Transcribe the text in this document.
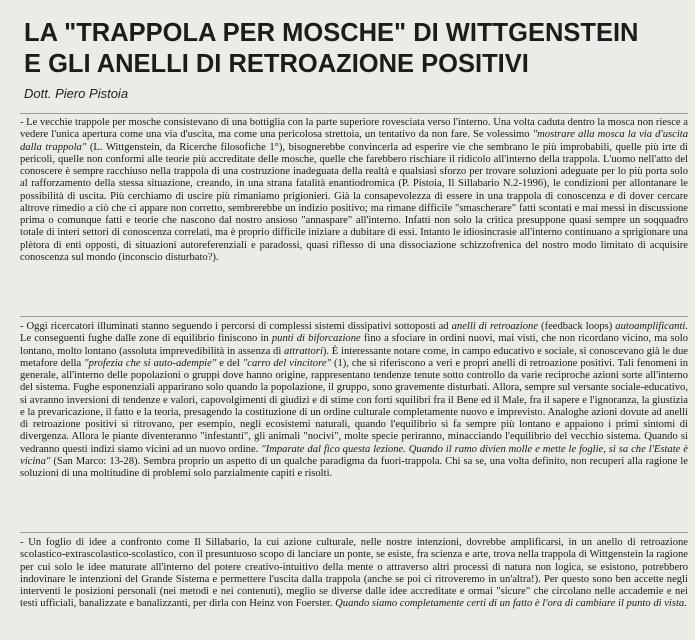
LA "TRAPPOLA PER MOSCHE" DI WITTGENSTEIN
E GLI ANELLI DI RETROAZIONE POSITIVI
Dott. Piero Pistoia

- Le vecchie trappole per mosche consistevano di una bottiglia con la parte superiore rovesciata verso l'interno. Una volta caduta dentro la mosca non riesce a vedere l'unica apertura come una via d'uscita, ma come una pericolosa strettoia, un tentativo da non fare. Se volessimo "mostrare alla mosca la via d'uscita dalla trappola" (L. Wittgenstein, da Ricerche filosofiche 1°), bisognerebbe convincerla ad esperire vie che sembrano le più improbabili, quelle più irte di pericoli, quelle non conformi alle teorie più accreditate delle mosche, quelle che farebbero rischiare il ridicolo all'interno della trappola. L'uomo nell'atto del conoscere è sempre racchiuso nella trappola di una costruzione inadeguata della realtà e qualsiasi sforzo per trovare soluzioni adeguate per lo più porta solo al rafforzamento della stessa situazione, creando, in una strana fatalità enantiodromica (P. Pistoia, Il Sillabario N.2-1996), le condizioni per allontanare le possibilità di uscita. Più cerchiamo di uscire più rimaniamo prigionieri. Già la consapevolezza di essere in una trappola di conoscenza e di dover cercare altrove rimedio a ciò che ci appare non corretto, sembrerebbe un indizio positivo; ma rimane difficile "smascherare" fatti scontati e mai messi in discussione prima o comunque fatti e teorie che nascono dal nostro ansioso "annaspare" all'interno. Infatti non solo la critica presuppone quasi sempre un soqquadro totale di interi settori di conoscenza correlati, ma è proprio difficile iniziare a dubitare di essi. Intanto le idiosincrasie all'interno continuano a sprigionare una plètora di enti opposti, di situazioni autoreferenziali e paradossi, quasi riflesso di una dissociazione schizzofrenica del nostro modo limitato di acquisire conoscenza sul mondo (inconscio disturbato?).

- Oggi ricercatori illuminati stanno seguendo i percorsi di complessi sistemi dissipativi sottoposti ad anelli di retroazione (feedback loops) autoamplificanti. Le conseguenti fughe dalle zone di equilibrio finiscono in punti di biforcazione fino a sfociare in ordini nuovi, mai visti, che non ricordano vicino, ma solo lontano, molto lontano (assoluta imprevedibilità in assenza di attrattori). È interessante notare come, in campo educativo e sociale, si conoscevano già le due metafore della "profezia che si auto-adempie" e del "carro del vincitore" (1), che si riferiscono a veri e propri anelli di retroazione positivi. Tali fenomeni in generale, all'interno delle popolazioni o gruppi dove hanno origine, rappresentano tendenze tenute sotto controllo da varie reciproche azioni sorte all'interno del sistema. Fughe esponenziali apparirano solo quando la popolazione, il gruppo, sono gravemente disturbati. Allora, sempre sul versante sociale-educativo, si avranno inversioni di tendenze e valori, capovolgimenti di giudizi e di stime con forti squilibri fra il Bene ed il Male, fra il sapere e l'ignoranza, la giustizia e la prevaricazione, il fatto e la teoria, presagendo la costituzione di un ordine culturale completamente nuovo e imprevisto. Analoghe azioni dovute ad anelli di retroazione positivi si ritrovano, per esempio, negli ecosistemi naturali, quando l'equilibrio si fa sempre più lontano e appaiono i primi sintomi di divergenza. Allora le piante diventeranno "infestanti", gli animali "nocivi", molte specie periranno, minacciando l'equilibrio del vecchio sistema. Quando si vedranno questi indizi siamo vicini ad un nuovo ordine. "Imparate dal fico questa lezione. Quando il ramo divien molle e mette le foglie, si sa che l'Estate è vicina" (San Marco: 13-28). Sembra proprio un aspetto di un qualche paradigma da fuori-trappola. Chi sa se, una volta definito, non recuperi alla ragione le soluzioni di una moltitudine di problemi solo parzialmente capiti e risolti.

- Un foglio di idee a confronto come Il Sillabario, la cui azione culturale, nelle nostre intenzioni, dovrebbe amplificarsi, in un anello di retroazione scolastico-extrascolastico-scolastico, con il presuntuoso scopo di lanciare un ponte, se esiste, fra scienza e arte, trova nella trappola di Wittgenstein la ragione per cui solo le idee maturate all'interno del potere creativo-intuitivo della mente o attraverso altri processi di natura non logica, se esistono, potrebbero indovinare le intenzioni del Grande Sistema e permettere l'uscita dalla trappola (anche se poi ci ritroveremo in un'altra!). Per questo sono ben accette negli interventi le posizioni personali (nei metodi e nei contenuti), meglio se diverse dalle idee accreditate e ormai "sicure" che circolano nelle accademie e nei testi ufficiali, banalizzate e banalizzanti, per dirla con Heinz von Foerster. Quando siamo completamente certi di un fatto è l'ora di cambiare il punto di vista.
